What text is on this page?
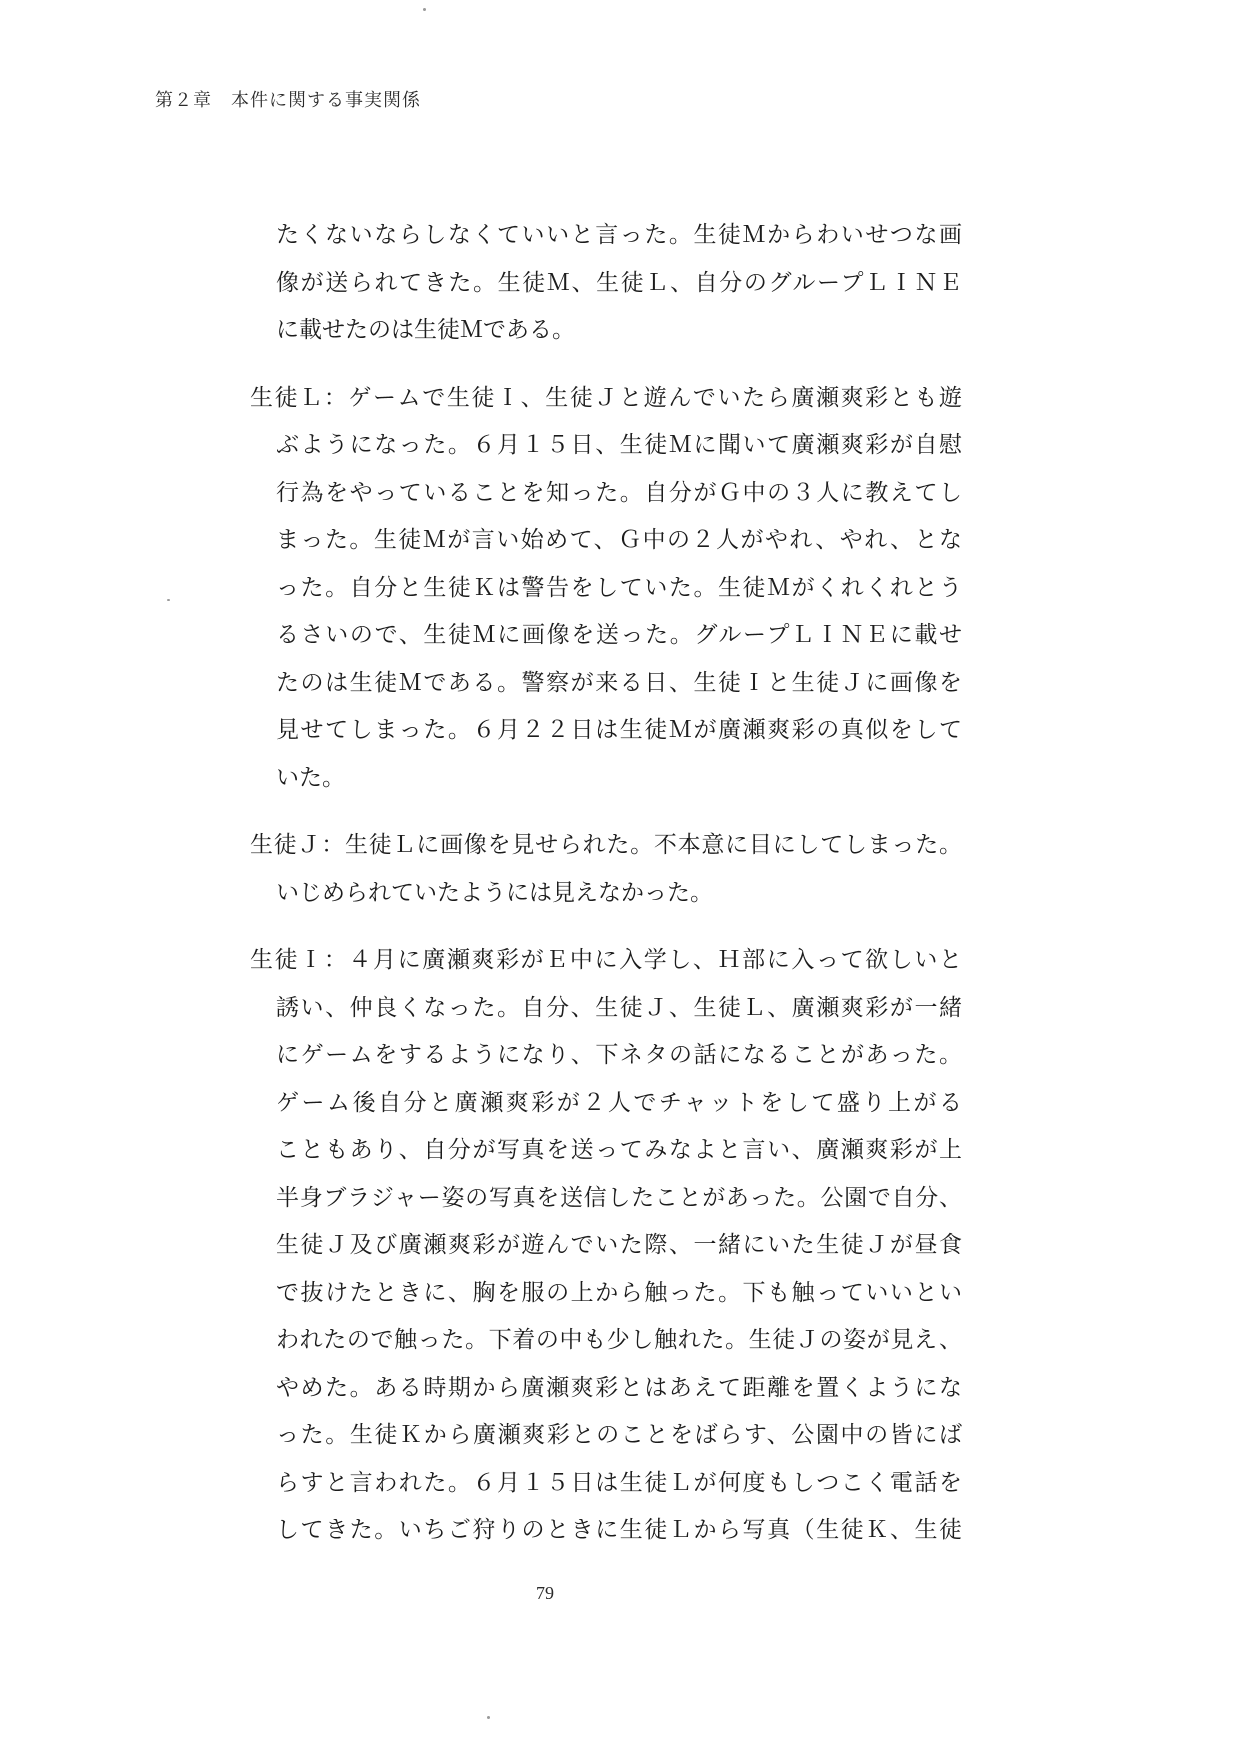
第２章　本件に関する事実関係
たくないならしなくていいと言った。生徒Ｍからわいせつな画
像が送られてきた。生徒Ｍ、生徒Ｌ、自分のグループＬＩＮＥ
に載せたのは生徒Ｍである。
生徒Ｌ：ゲームで生徒Ｉ、生徒Ｊと遊んでいたら廣瀬爽彩とも遊
ぶようになった。６月１５日、生徒Ｍに聞いて廣瀬爽彩が自慰
行為をやっていることを知った。自分がＧ中の３人に教えてし
まった。生徒Ｍが言い始めて、Ｇ中の２人がやれ、やれ、とな
った。自分と生徒Ｋは警告をしていた。生徒Ｍがくれくれとう
るさいので、生徒Ｍに画像を送った。グループＬＩＮＥに載せ
たのは生徒Ｍである。警察が来る日、生徒Ｉと生徒Ｊに画像を
見せてしまった。６月２２日は生徒Ｍが廣瀬爽彩の真似をして
いた。
生徒Ｊ：生徒Ｌに画像を見せられた。不本意に目にしてしまった。
いじめられていたようには見えなかった。
生徒Ｉ：４月に廣瀬爽彩がＥ中に入学し、Ｈ部に入って欲しいと
誘い、仲良くなった。自分、生徒Ｊ、生徒Ｌ、廣瀬爽彩が一緒
にゲームをするようになり、下ネタの話になることがあった。
ゲーム後自分と廣瀬爽彩が２人でチャットをして盛り上がる
こともあり、自分が写真を送ってみなよと言い、廣瀬爽彩が上
半身ブラジャー姿の写真を送信したことがあった。公園で自分、
生徒Ｊ及び廣瀬爽彩が遊んでいた際、一緒にいた生徒Ｊが昼食
で抜けたときに、胸を服の上から触った。下も触っていいとい
われたので触った。下着の中も少し触れた。生徒Ｊの姿が見え、
やめた。ある時期から廣瀬爽彩とはあえて距離を置くようにな
った。生徒Ｋから廣瀬爽彩とのことをばらす、公園中の皆にば
らすと言われた。６月１５日は生徒Ｌが何度もしつこく電話を
してきた。いちご狩りのときに生徒Ｌから写真（生徒Ｋ、生徒
79
